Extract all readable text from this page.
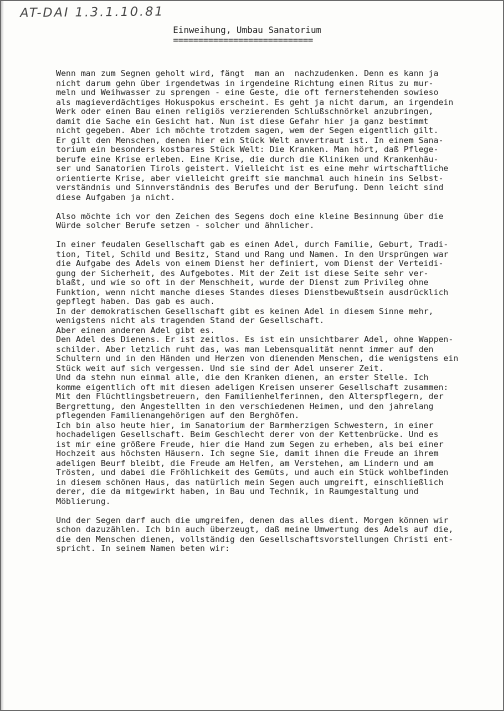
AT-DAI 1.3.1.10.81
Einweihung, Umbau Sanatorium
============================
Wenn man zum Segnen geholt wird, fängt  man an  nachzudenken. Denn es kann ja
nicht darum gehn über irgendetwas in irgendeine Richtung einen Ritus zu mur-
meln und Weihwasser zu sprengen - eine Geste, die oft fernerstehenden sowieso
als magieverdächtiges Hokuspokus erscheint. Es geht ja nicht darum, an irgendein
Werk oder einen Bau einen religiös verzierenden Schlußschnörkel anzubringen,
damit die Sache ein Gesicht hat. Nun ist diese Gefahr hier ja ganz bestimmt
nicht gegeben. Aber ich möchte trotzdem sagen, wem der Segen eigentlich gilt.
Er gilt den Menschen, denen hier ein Stück Welt anvertraut ist. In einem Sana-
torium ein besonders kostbares Stück Welt: Die Kranken. Man hört, daß Pflege-
berufe eine Krise erleben. Eine Krise, die durch die Kliniken und Krankenhäu-
ser und Sanatorien Tirols geistert. Vielleicht ist es eine mehr wirtschaftliche
orientierte Krise, aber vielleicht greift sie manchmal auch hinein ins Selbst-
verständnis und Sinnverständnis des Berufes und der Berufung. Denn leicht sind
diese Aufgaben ja nicht.
Also möchte ich vor den Zeichen des Segens doch eine kleine Besinnung über die
Würde solcher Berufe setzen - solcher und ähnlicher.
In einer feudalen Gesellschaft gab es einen Adel, durch Familie, Geburt, Tradi-
tion, Titel, Schild und Besitz, Stand und Rang und Namen. In den Ursprüngen war
die Aufgabe des Adels von einem Dienst her definiert, vom Dienst der Verteidi-
gung der Sicherheit, des Aufgebotes. Mit der Zeit ist diese Seite sehr ver-
blaßt, und wie so oft in der Menschheit, wurde der Dienst zum Privileg ohne
Funktion, wenn nicht manche dieses Standes dieses Dienstbewußtsein ausdrücklich
gepflegt haben. Das gab es auch.
In der demokratischen Gesellschaft gibt es keinen Adel in diesem Sinne mehr,
wenigstens nicht als tragenden Stand der Gesellschaft.
Aber einen anderen Adel gibt es.
Den Adel des Dienens. Er ist zeitlos. Es ist ein unsichtbarer Adel, ohne Wappen-
schilder. Aber letzlich ruht das, was man Lebensqualität nennt immer auf den
Schultern und in den Händen und Herzen von dienenden Menschen, die wenigstens ein
Stück weit auf sich vergessen. Und sie sind der Adel unserer Zeit.
Und da stehn nun einmal alle, die den Kranken dienen, an erster Stelle. Ich
komme eigentlich oft mit diesen adeligen Kreisen unserer Gesellschaft zusammen:
Mit den Flüchtlingsbetreuern, den Familienhelferinnen, den Alterspflegern, der
Bergrettung, den Angestellten in den verschiedenen Heimen, und den jahrelang
pflegenden Familienangehörigen auf den Berghöfen.
Ich bin also heute hier, im Sanatorium der Barmherzigen Schwestern, in einer
hochadeligen Gesellschaft. Beim Geschlecht derer von der Kettenbrücke. Und es
ist mir eine größere Freude, hier die Hand zum Segen zu erheben, als bei einer
Hochzeit aus höchsten Häusern. Ich segne Sie, damit ihnen die Freude an ihrem
adeligen Beurf bleibt, die Freude am Helfen, am Verstehen, am Lindern und am
Trösten, und dabei die Fröhlichkeit des Gemüts, und auch ein Stück wohlbefinden
in diesem schönen Haus, das natürlich mein Segen auch umgreift, einschließlich
derer, die da mitgewirkt haben, in Bau und Technik, in Raumgestaltung und
Möblierung.
Und der Segen darf auch die umgreifen, denen das alles dient. Morgen können wir
schon dazuzählen. Ich bin auch überzeugt, daß meine Umwertung des Adels auf die,
die den Menschen dienen, vollständig den Gesellschaftsvorstellungen Christi ent-
spricht. In seinem Namen beten wir:
